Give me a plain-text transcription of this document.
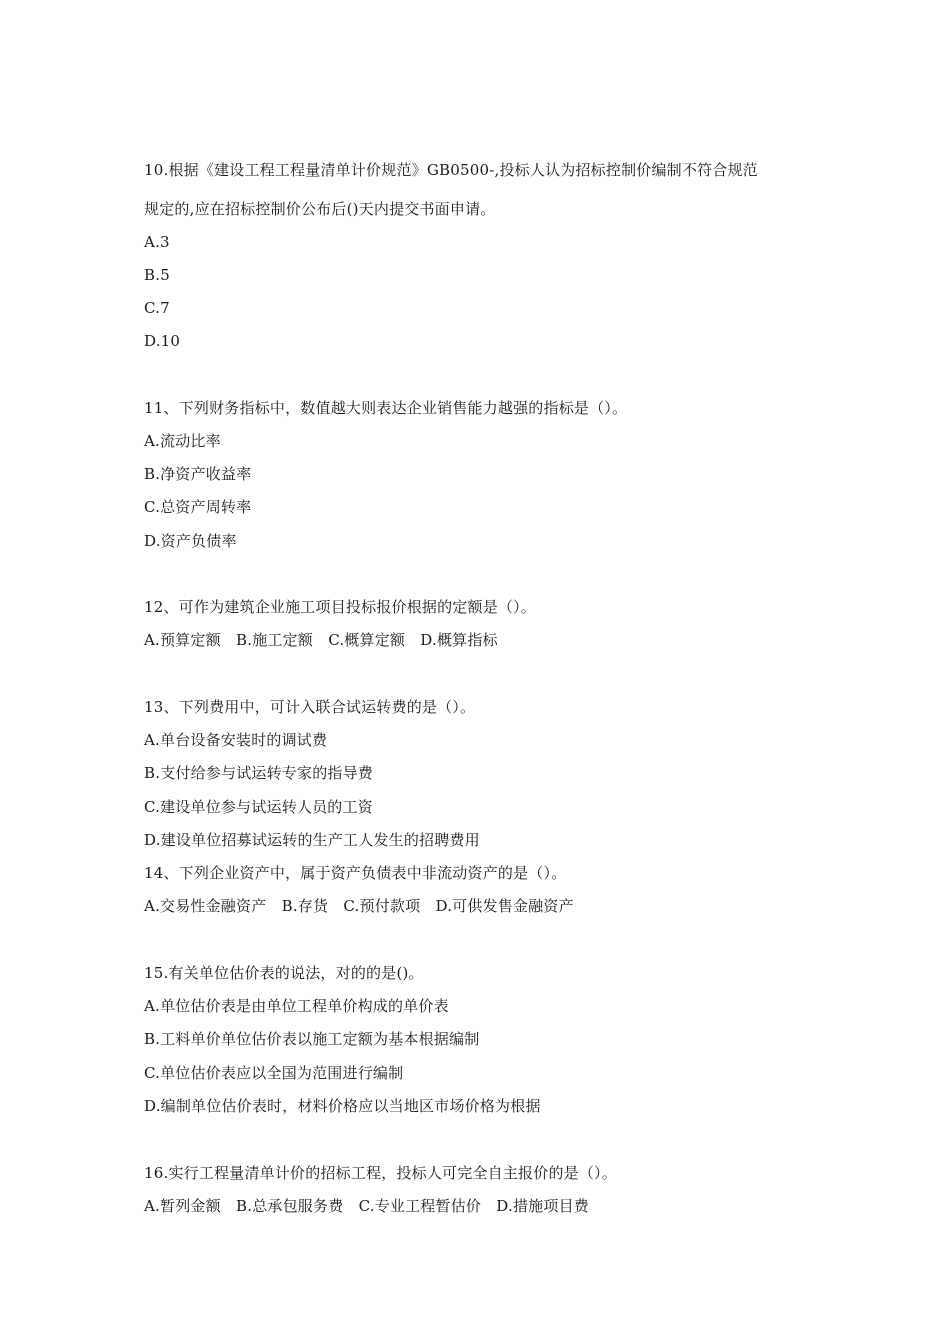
10.根据《建设工程工程量清单计价规范》GB0500-,投标人认为招标控制价编制不符合规范
规定的,应在招标控制价公布后()天内提交书面申请。
A.3
B.5
C.7
D.10
11、下列财务指标中，数值越大则表达企业销售能力越强的指标是（）。
A.流动比率
B.净资产收益率
C.总资产周转率
D.资产负债率
12、可作为建筑企业施工项目投标报价根据的定额是（）。
A.预算定额　B.施工定额　C.概算定额　D.概算指标
13、下列费用中，可计入联合试运转费的是（）。
A.单台设备安装时的调试费
B.支付给参与试运转专家的指导费
C.建设单位参与试运转人员的工资
D.建设单位招募试运转的生产工人发生的招聘费用
14、下列企业资产中，属于资产负债表中非流动资产的是（）。
A.交易性金融资产　B.存货　C.预付款项　D.可供发售金融资产
15.有关单位估价表的说法，对的的是()。
A.单位估价表是由单位工程单价构成的单价表
B.工料单价单位估价表以施工定额为基本根据编制
C.单位估价表应以全国为范围进行编制
D.编制单位估价表时，材料价格应以当地区市场价格为根据
16.实行工程量清单计价的招标工程，投标人可完全自主报价的是（）。
A.暂列金额　B.总承包服务费　C.专业工程暂估价　D.措施项目费
